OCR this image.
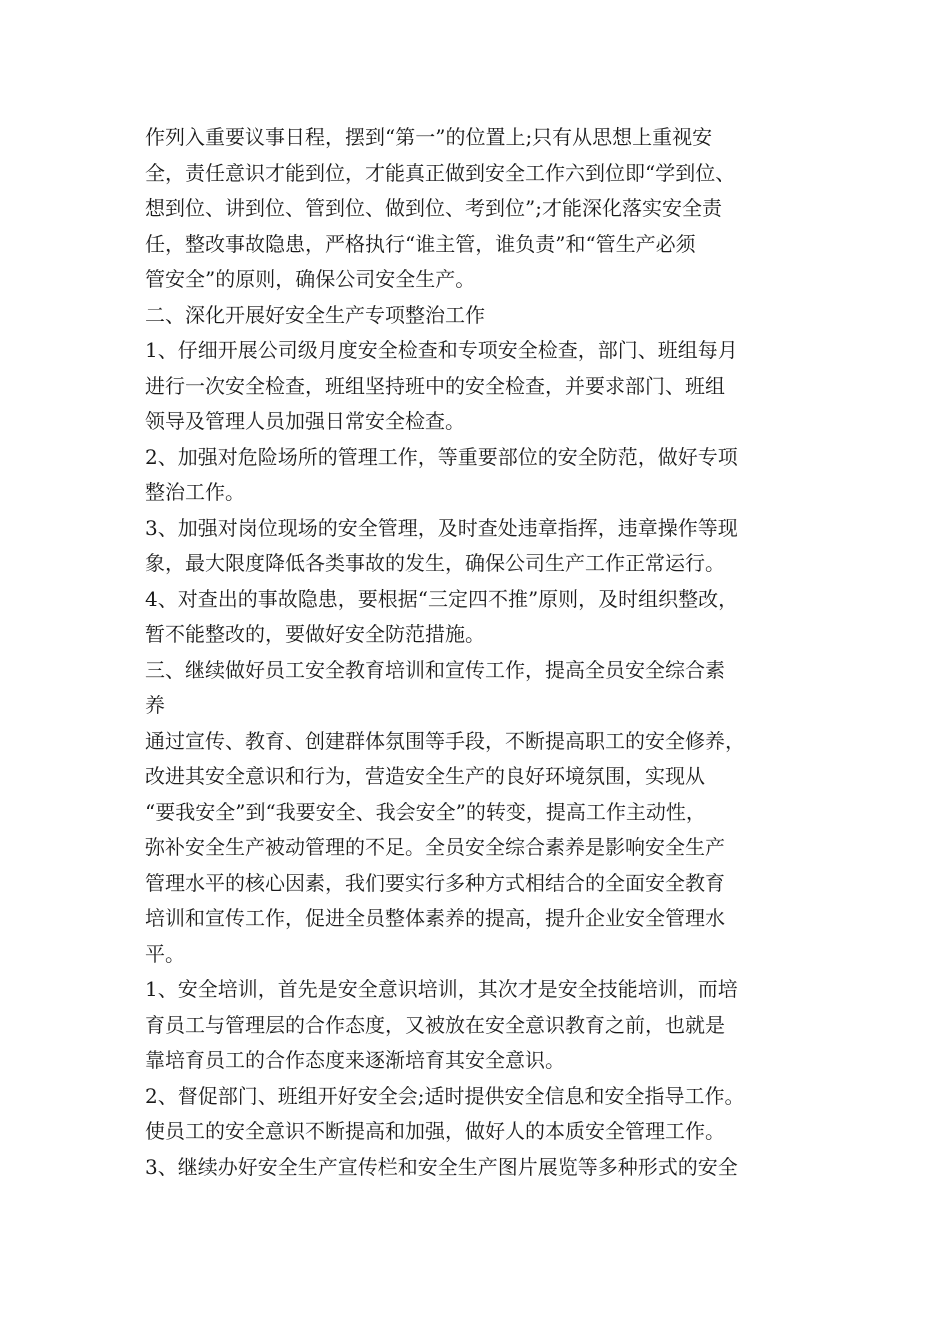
作列入重要议事日程，摆到“第一”的位置上;只有从思想上重视安
全，责任意识才能到位，才能真正做到安全工作六到位即“学到位、
想到位、讲到位、管到位、做到位、考到位”;才能深化落实安全责
任，整改事故隐患，严格执行“谁主管，谁负责”和“管生产必须
管安全”的原则，确保公司安全生产。
二、深化开展好安全生产专项整治工作
1、仔细开展公司级月度安全检查和专项安全检查，部门、班组每月
进行一次安全检查，班组坚持班中的安全检查，并要求部门、班组
领导及管理人员加强日常安全检查。
2、加强对危险场所的管理工作，等重要部位的安全防范，做好专项
整治工作。
3、加强对岗位现场的安全管理，及时查处违章指挥，违章操作等现
象，最大限度降低各类事故的发生，确保公司生产工作正常运行。
4、对查出的事故隐患，要根据“三定四不推”原则，及时组织整改，
暂不能整改的，要做好安全防范措施。
三、继续做好员工安全教育培训和宣传工作，提高全员安全综合素
养
通过宣传、教育、创建群体氛围等手段，不断提高职工的安全修养，
改进其安全意识和行为，营造安全生产的良好环境氛围，实现从
“要我安全”到“我要安全、我会安全”的转变，提高工作主动性，
弥补安全生产被动管理的不足。全员安全综合素养是影响安全生产
管理水平的核心因素，我们要实行多种方式相结合的全面安全教育
培训和宣传工作，促进全员整体素养的提高，提升企业安全管理水
平。
1、安全培训，首先是安全意识培训，其次才是安全技能培训，而培
育员工与管理层的合作态度，又被放在安全意识教育之前，也就是
靠培育员工的合作态度来逐渐培育其安全意识。
2、督促部门、班组开好安全会;适时提供安全信息和安全指导工作。
使员工的安全意识不断提高和加强，做好人的本质安全管理工作。
3、继续办好安全生产宣传栏和安全生产图片展览等多种形式的安全
